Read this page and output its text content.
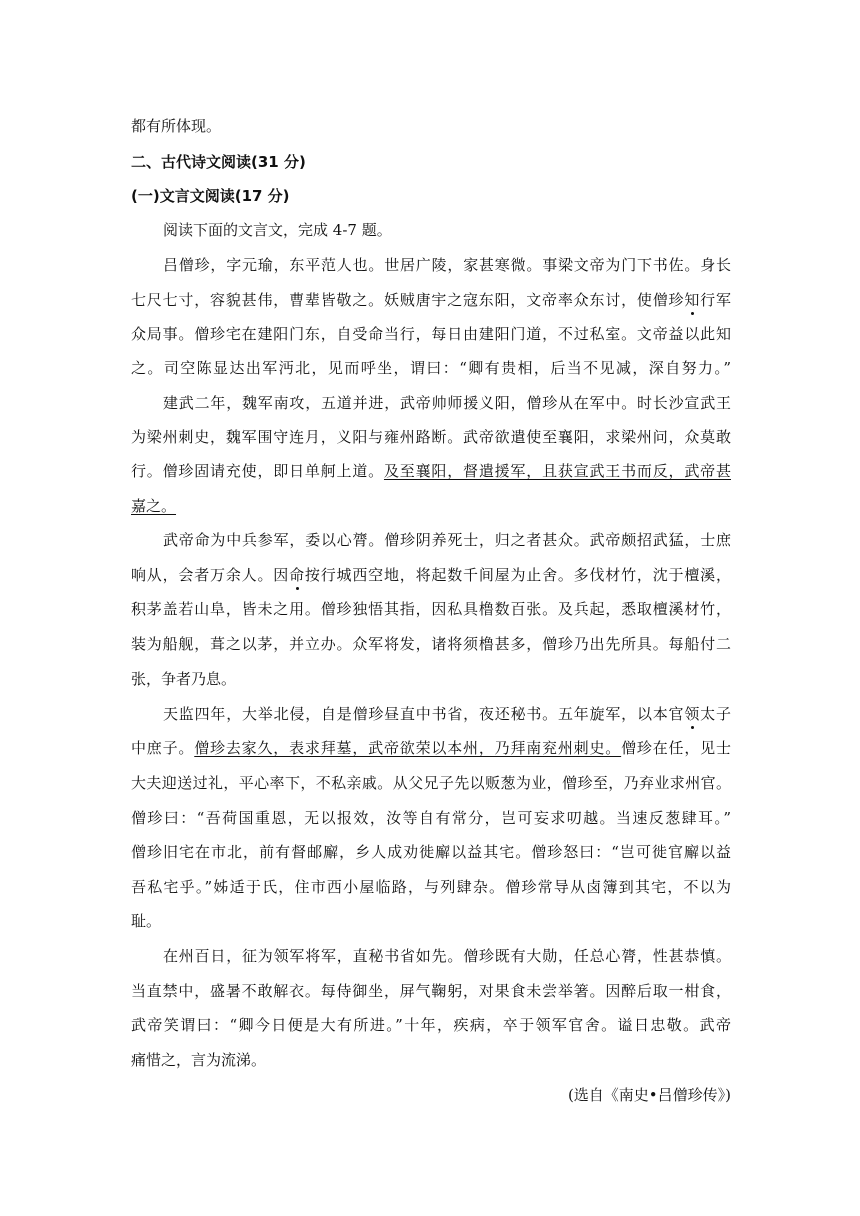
都有所体现。
二、古代诗文阅读(31 分)
(一)文言文阅读(17 分)
阅读下面的文言文，完成 4-7 题。
吕僧珍，字元瑜，东平范人也。世居广陵，家甚寒微。事梁文帝为门下书佐。身长
七尺七寸，容貌甚伟，曹辈皆敬之。妖贼唐宇之寇东阳，文帝率众东讨，使僧珍知行军
众局事。僧珍宅在建阳门东，自受命当行，每日由建阳门道，不过私室。文帝益以此知
之。司空陈显达出军沔北，见而呼坐，谓曰：“卿有贵相，后当不见减，深自努力。”
建武二年，魏军南攻，五道并进，武帝帅师援义阳，僧珍从在军中。时长沙宣武王
为梁州刺史，魏军围守连月，义阳与雍州路断。武帝欲遣使至襄阳，求梁州问，众莫敢
行。僧珍固请充使，即日单舸上道。及至襄阳，督遣援军，且获宣武王书而反，武帝甚
嘉之。
武帝命为中兵参军，委以心膂。僧珍阴养死士，归之者甚众。武帝颇招武猛，士庶
响从，会者万余人。因命按行城西空地，将起数千间屋为止舍。多伐材竹，沈于檀溪，
积茅盖若山阜，皆未之用。僧珍独悟其指，因私具橹数百张。及兵起，悉取檀溪材竹，
装为船舰，葺之以茅，并立办。众军将发，诸将须橹甚多，僧珍乃出先所具。每船付二
张，争者乃息。
天监四年，大举北侵，自是僧珍昼直中书省，夜还秘书。五年旋军，以本官领太子
中庶子。僧珍去家久，表求拜墓，武帝欲荣以本州，乃拜南兖州刺史。僧珍在任，见士
大夫迎送过礼，平心率下，不私亲戚。从父兄子先以贩葱为业，僧珍至，乃弃业求州官。
僧珍曰：“吾荷国重恩，无以报效，汝等自有常分，岂可妄求叨越。当速反葱肆耳。”
僧珍旧宅在市北，前有督邮廨，乡人成劝徙廨以益其宅。僧珍怒曰：“岂可徙官廨以益
吾私宅乎。”姊适于氏，住市西小屋临路，与列肆杂。僧珍常导从卤簿到其宅，不以为
耻。
在州百日，征为领军将军，直秘书省如先。僧珍既有大勋，任总心膂，性甚恭慎。
当直禁中，盛暑不敢解衣。每侍御坐，屏气鞠躬，对果食未尝举箸。因醉后取一柑食，
武帝笑谓曰：“卿今日便是大有所进。”十年，疾病，卒于领军官舍。谥日忠敬。武帝
痛惜之，言为流涕。
(选自《南史•吕僧珍传》)
